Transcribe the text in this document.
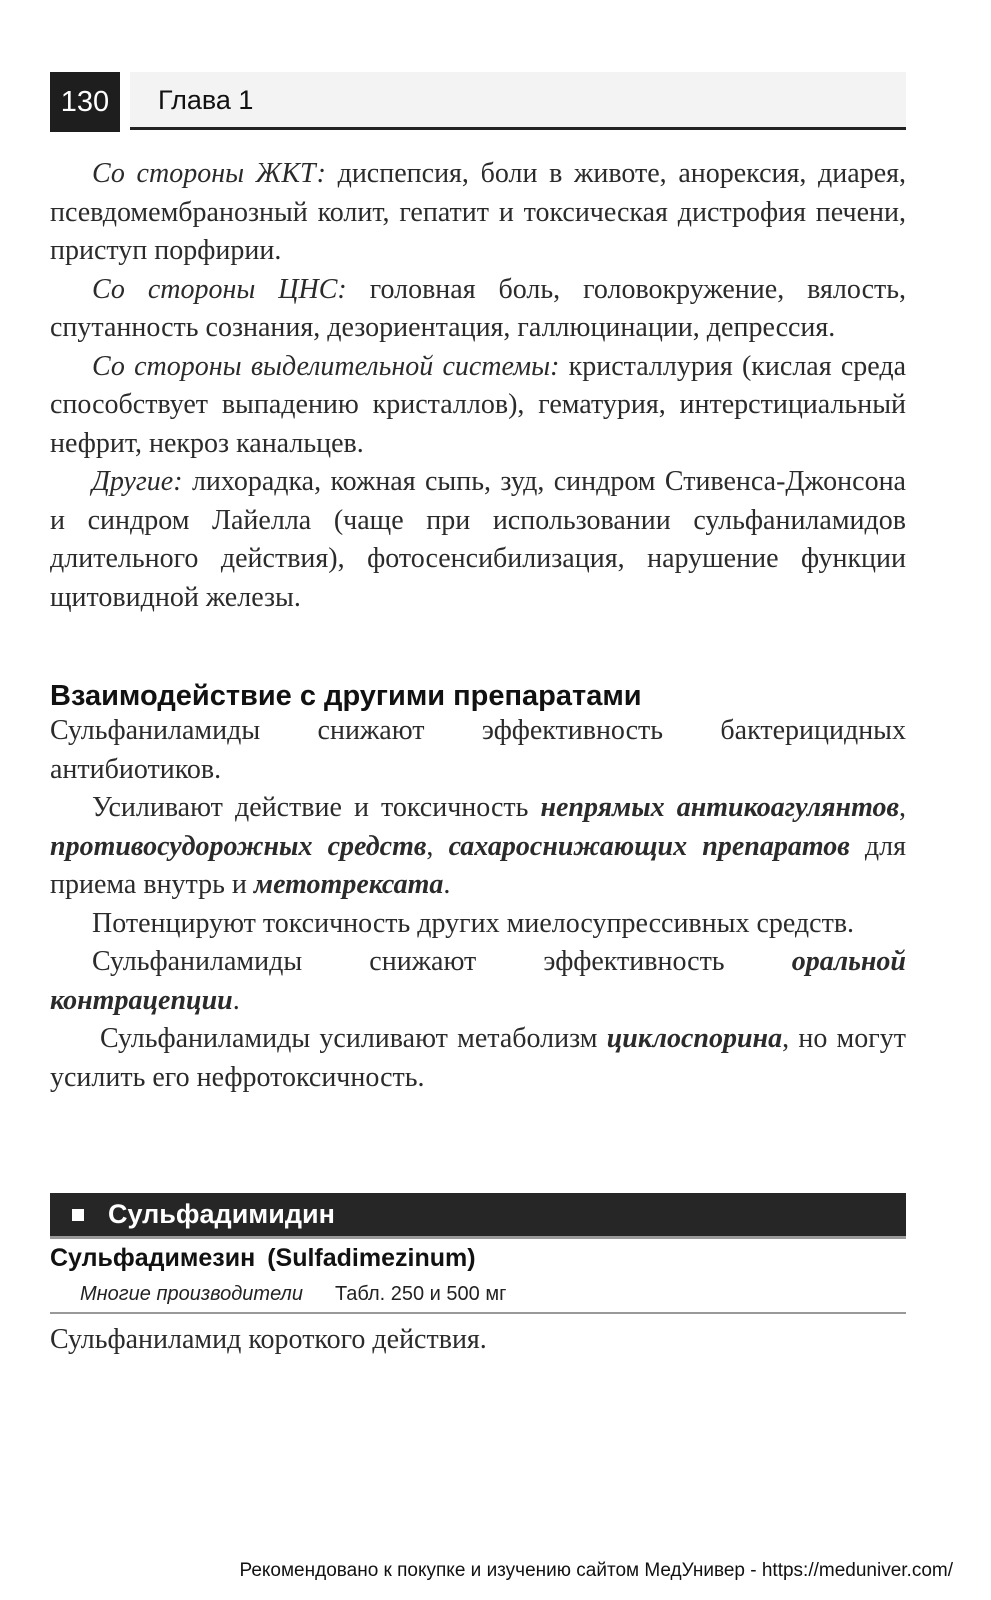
130	Глава 1

Со стороны ЖКТ: диспепсия, боли в животе, анорексия, диарея, псевдомембранозный колит, гепатит и токсическая дистрофия печени, приступ порфирии.

Со стороны ЦНС: головная боль, головокружение, вялость, спутанность сознания, дезориентация, галлюцинации, депрессия.

Со стороны выделительной системы: кристаллурия (кислая среда способствует выпадению кристаллов), гематурия, интерстициальный нефрит, некроз канальцев.

Другие: лихорадка, кожная сыпь, зуд, синдром Стивенса-Джонсона и синдром Лайелла (чаще при использовании сульфаниламидов длительного действия), фотосенсибилизация, нарушение функции щитовидной железы.

Взаимодействие с другими препаратами

Сульфаниламиды снижают эффективность бактерицидных антибиотиков.

Усиливают действие и токсичность непрямых антикоагулянтов, противосудорожных средств, сахароснижающих препаратов для приема внутрь и метотрексата.

Потенцируют токсичность других миелосупрессивных средств.

Сульфаниламиды снижают эффективность оральной контрацепции.

Сульфаниламиды усиливают метаболизм циклоспорина, но могут усилить его нефротоксичность.

Сульфадимидин
Сульфадимезин (Sulfadimezinum)
Многие производители Табл. 250 и 500 мг
Сульфаниламид короткого действия.
Рекомендовано к покупке и изучению сайтом МедУнивер - https://meduniver.com/
